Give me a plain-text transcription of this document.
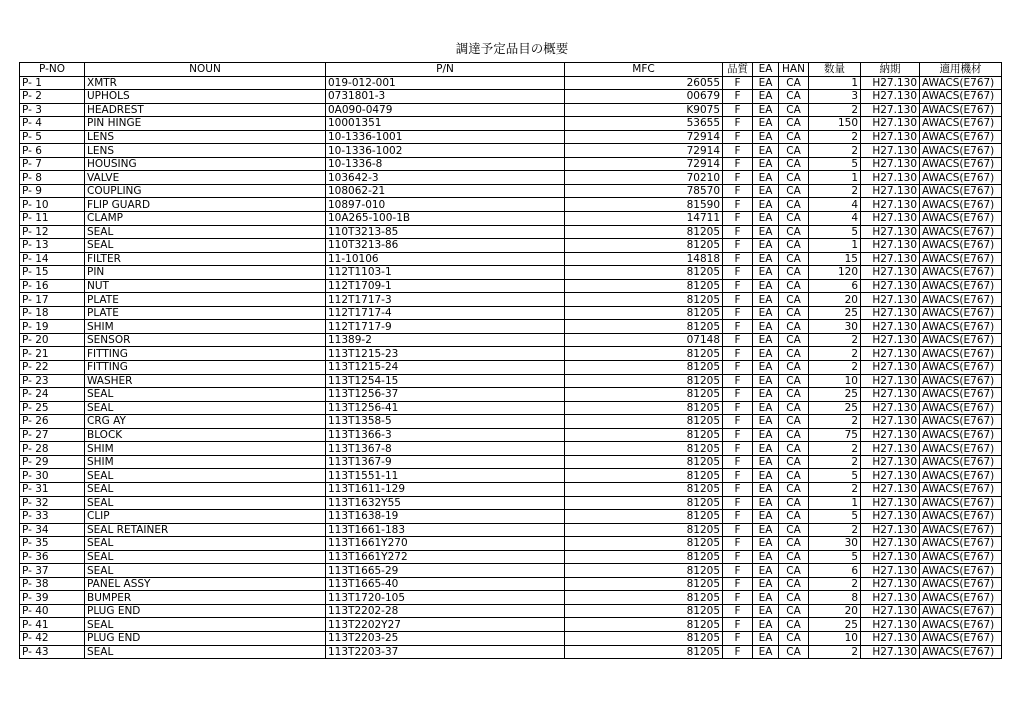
調達予定品目の概要
P-NO	NOUN	P/N	MFC	品質	EA	HAN	数量	納期	適用機材
P- 1	XMTR	019-012-001	26055	F	EA	CA	1	H27.130	AWACS(E767)
P- 2	UPHOLS	0731801-3	00679	F	EA	CA	3	H27.130	AWACS(E767)
P- 3	HEADREST	0A090-0479	K9075	F	EA	CA	2	H27.130	AWACS(E767)
P- 4	PIN HINGE	10001351	53655	F	EA	CA	150	H27.130	AWACS(E767)
P- 5	LENS	10-1336-1001	72914	F	EA	CA	2	H27.130	AWACS(E767)
P- 6	LENS	10-1336-1002	72914	F	EA	CA	2	H27.130	AWACS(E767)
P- 7	HOUSING	10-1336-8	72914	F	EA	CA	5	H27.130	AWACS(E767)
P- 8	VALVE	103642-3	70210	F	EA	CA	1	H27.130	AWACS(E767)
P- 9	COUPLING	108062-21	78570	F	EA	CA	2	H27.130	AWACS(E767)
P- 10	FLIP GUARD	10897-010	81590	F	EA	CA	4	H27.130	AWACS(E767)
P- 11	CLAMP	10A265-100-1B	14711	F	EA	CA	4	H27.130	AWACS(E767)
P- 12	SEAL	110T3213-85	81205	F	EA	CA	5	H27.130	AWACS(E767)
P- 13	SEAL	110T3213-86	81205	F	EA	CA	1	H27.130	AWACS(E767)
P- 14	FILTER	11-10106	14818	F	EA	CA	15	H27.130	AWACS(E767)
P- 15	PIN	112T1103-1	81205	F	EA	CA	120	H27.130	AWACS(E767)
P- 16	NUT	112T1709-1	81205	F	EA	CA	6	H27.130	AWACS(E767)
P- 17	PLATE	112T1717-3	81205	F	EA	CA	20	H27.130	AWACS(E767)
P- 18	PLATE	112T1717-4	81205	F	EA	CA	25	H27.130	AWACS(E767)
P- 19	SHIM	112T1717-9	81205	F	EA	CA	30	H27.130	AWACS(E767)
P- 20	SENSOR	11389-2	07148	F	EA	CA	2	H27.130	AWACS(E767)
P- 21	FITTING	113T1215-23	81205	F	EA	CA	2	H27.130	AWACS(E767)
P- 22	FITTING	113T1215-24	81205	F	EA	CA	2	H27.130	AWACS(E767)
P- 23	WASHER	113T1254-15	81205	F	EA	CA	10	H27.130	AWACS(E767)
P- 24	SEAL	113T1256-37	81205	F	EA	CA	25	H27.130	AWACS(E767)
P- 25	SEAL	113T1256-41	81205	F	EA	CA	25	H27.130	AWACS(E767)
P- 26	CRG AY	113T1358-5	81205	F	EA	CA	2	H27.130	AWACS(E767)
P- 27	BLOCK	113T1366-3	81205	F	EA	CA	75	H27.130	AWACS(E767)
P- 28	SHIM	113T1367-8	81205	F	EA	CA	2	H27.130	AWACS(E767)
P- 29	SHIM	113T1367-9	81205	F	EA	CA	2	H27.130	AWACS(E767)
P- 30	SEAL	113T1551-11	81205	F	EA	CA	5	H27.130	AWACS(E767)
P- 31	SEAL	113T1611-129	81205	F	EA	CA	2	H27.130	AWACS(E767)
P- 32	SEAL	113T1632Y55	81205	F	EA	CA	1	H27.130	AWACS(E767)
P- 33	CLIP	113T1638-19	81205	F	EA	CA	5	H27.130	AWACS(E767)
P- 34	SEAL RETAINER	113T1661-183	81205	F	EA	CA	2	H27.130	AWACS(E767)
P- 35	SEAL	113T1661Y270	81205	F	EA	CA	30	H27.130	AWACS(E767)
P- 36	SEAL	113T1661Y272	81205	F	EA	CA	5	H27.130	AWACS(E767)
P- 37	SEAL	113T1665-29	81205	F	EA	CA	6	H27.130	AWACS(E767)
P- 38	PANEL ASSY	113T1665-40	81205	F	EA	CA	2	H27.130	AWACS(E767)
P- 39	BUMPER	113T1720-105	81205	F	EA	CA	8	H27.130	AWACS(E767)
P- 40	PLUG END	113T2202-28	81205	F	EA	CA	20	H27.130	AWACS(E767)
P- 41	SEAL	113T2202Y27	81205	F	EA	CA	25	H27.130	AWACS(E767)
P- 42	PLUG END	113T2203-25	81205	F	EA	CA	10	H27.130	AWACS(E767)
P- 43	SEAL	113T2203-37	81205	F	EA	CA	2	H27.130	AWACS(E767)
